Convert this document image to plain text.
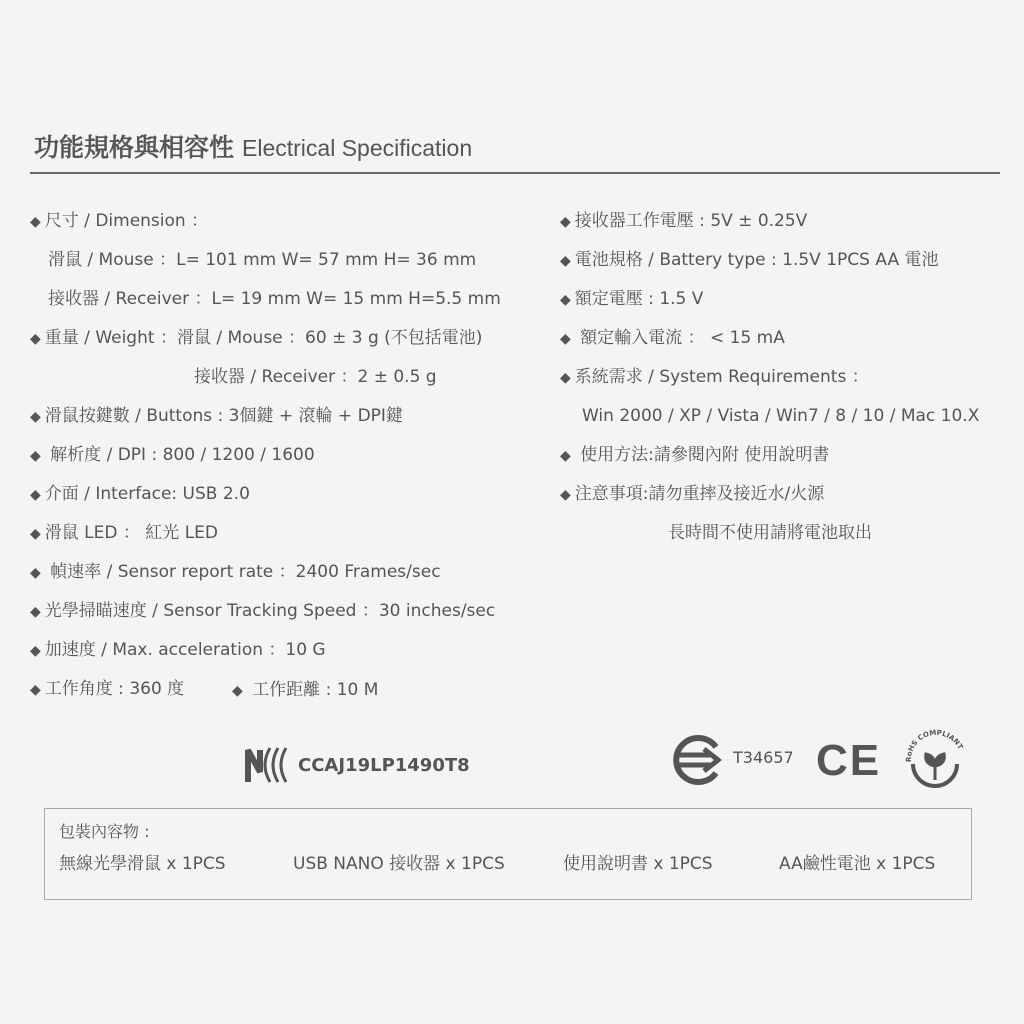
功能規格與相容性 Electrical Specification
◆ 尺寸 / Dimension ：
滑鼠 / Mouse ：L= 101 mm W= 57 mm H= 36 mm
接收器 / Receiver ：L= 19 mm W= 15 mm H=5.5 mm
◆ 重量 / Weight ：滑鼠 / Mouse ：60 ± 3 g (不包括電池)
接收器 / Receiver ：2 ± 0.5 g
◆ 滑鼠按鍵數 / Buttons : 3個鍵 + 滾輪 + DPI鍵
◆ 解析度 / DPI : 800 / 1200 / 1600
◆ 介面 / Interface: USB 2.0
◆ 滑鼠 LED ： 紅光 LED
◆ 幀速率 / Sensor report rate ：2400 Frames/sec
◆ 光學掃瞄速度 / Sensor Tracking Speed ：30 inches/sec
◆ 加速度 / Max. acceleration ：10 G
◆ 工作角度 : 360 度
◆ 接收器工作電壓 : 5V ± 0.25V
◆ 電池規格 / Battery type : 1.5V 1PCS AA 電池
◆ 額定電壓 : 1.5 V
◆ 額定輸入電流 ： < 15 mA
◆ 系統需求 / System Requirements ：
Win 2000 / XP / Vista / Win7 / 8 / 10 / Mac 10.X
◆ 使用方法:請參閱內附 使用說明書
◆ 注意事項:請勿重摔及接近水/火源
長時間不使用請將電池取出
◆ 工作距離 : 10 M
CCAJ19LP1490T8	T34657 CE	RoHS COMPLIANT
包裝內容物 :
無線光學滑鼠 x 1PCS	USB NANO 接收器 x 1PCS	使用說明書 x 1PCS	AA鹼性電池 x 1PCS
